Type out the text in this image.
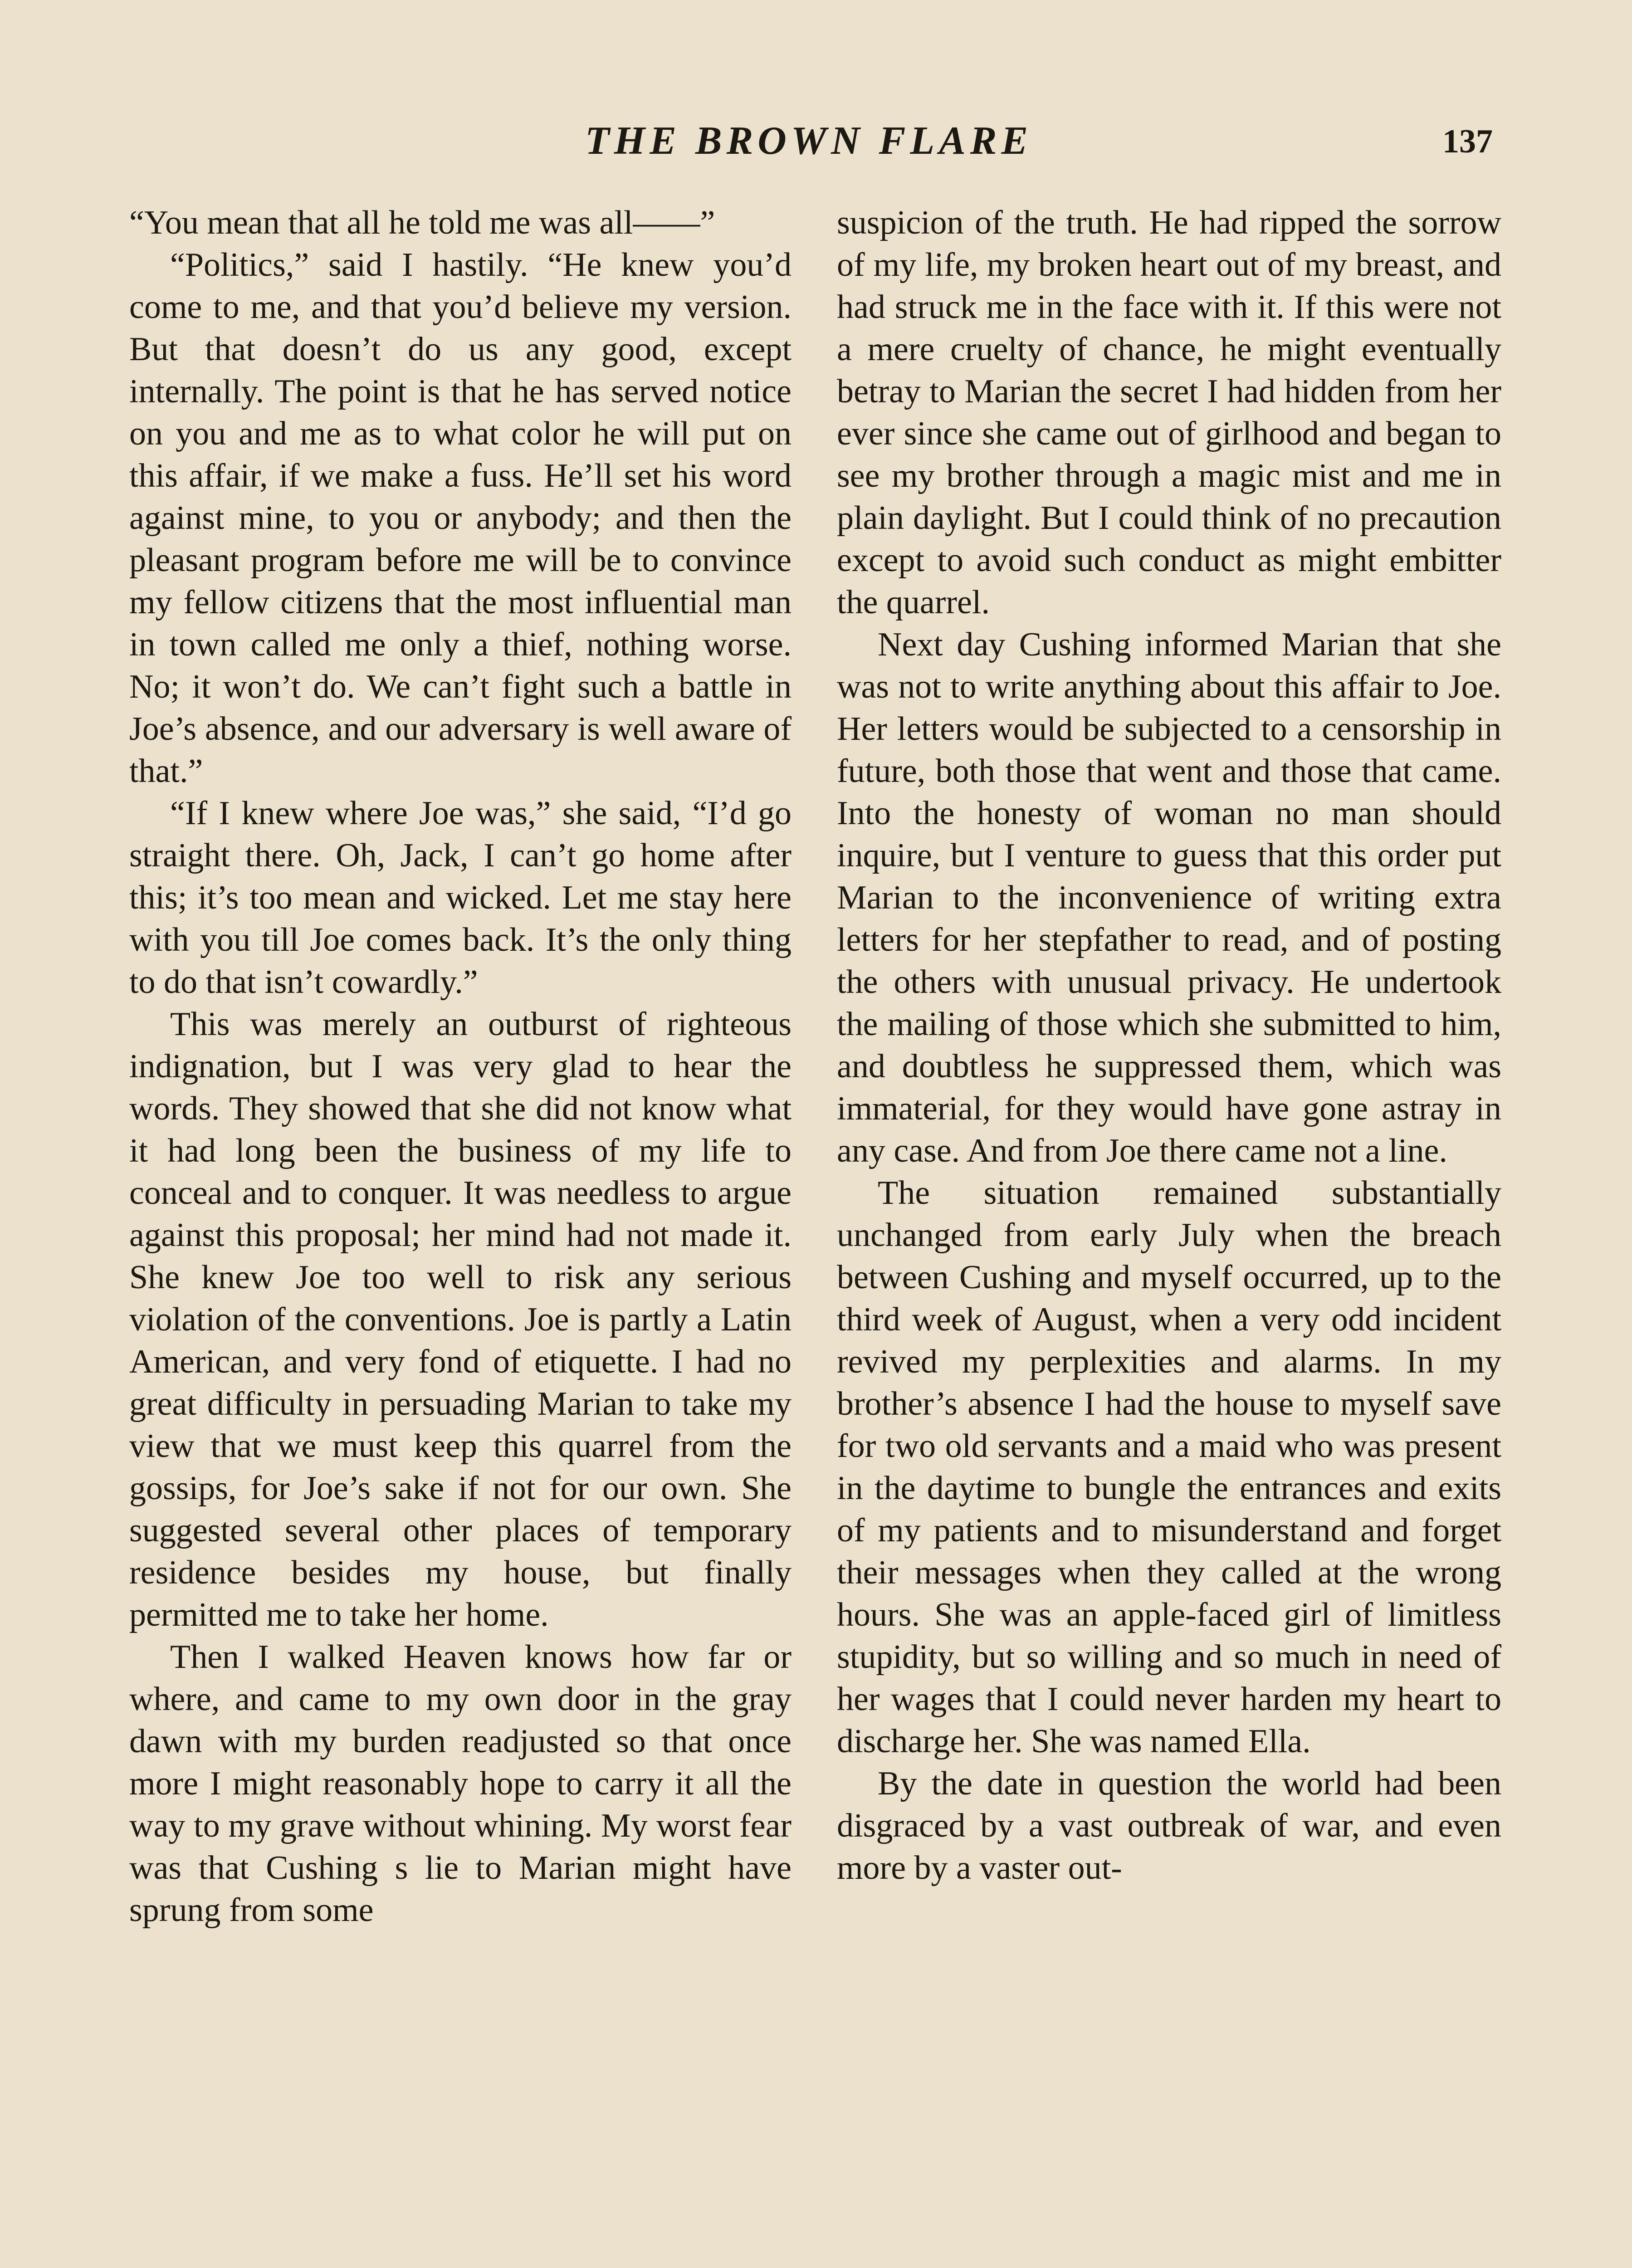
THE BROWN FLARE	137

“You mean that all he told me was all——”

“Politics,” said I hastily. “He knew you’d come to me, and that you’d believe my version. But that doesn’t do us any good, except internally. The point is that he has served notice on you and me as to what color he will put on this affair, if we make a fuss. He’ll set his word against mine, to you or anybody; and then the pleasant program before me will be to convince my fellow citizens that the most influential man in town called me only a thief, nothing worse. No; it won’t do. We can’t fight such a battle in Joe’s absence, and our adversary is well aware of that.”

“If I knew where Joe was,” she said, “I’d go straight there. Oh, Jack, I can’t go home after this; it’s too mean and wicked. Let me stay here with you till Joe comes back. It’s the only thing to do that isn’t cowardly.”

This was merely an outburst of righteous indignation, but I was very glad to hear the words. They showed that she did not know what it had long been the business of my life to conceal and to conquer. It was needless to argue against this proposal; her mind had not made it. She knew Joe too well to risk any serious violation of the conventions. Joe is partly a Latin American, and very fond of etiquette. I had no great difficulty in persuading Marian to take my view that we must keep this quarrel from the gossips, for Joe’s sake if not for our own. She suggested several other places of temporary residence besides my house, but finally permitted me to take her home.

Then I walked Heaven knows how far or where, and came to my own door in the gray dawn with my burden readjusted so that once more I might reasonably hope to carry it all the way to my grave without whining. My worst fear was that Cushing s lie to Marian might have sprung from some

suspicion of the truth. He had ripped the sorrow of my life, my broken heart out of my breast, and had struck me in the face with it. If this were not a mere cruelty of chance, he might eventually betray to Marian the secret I had hidden from her ever since she came out of girlhood and began to see my brother through a magic mist and me in plain daylight. But I could think of no precaution except to avoid such conduct as might embitter the quarrel.

Next day Cushing informed Marian that she was not to write anything about this affair to Joe. Her letters would be subjected to a censorship in future, both those that went and those that came. Into the honesty of woman no man should inquire, but I venture to guess that this order put Marian to the inconvenience of writing extra letters for her stepfather to read, and of posting the others with unusual privacy. He undertook the mailing of those which she submitted to him, and doubtless he suppressed them, which was immaterial, for they would have gone astray in any case. And from Joe there came not a line.

The situation remained substantially unchanged from early July when the breach between Cushing and myself occurred, up to the third week of August, when a very odd incident revived my perplexities and alarms. In my brother’s absence I had the house to myself save for two old servants and a maid who was present in the daytime to bungle the entrances and exits of my patients and to misunderstand and forget their messages when they called at the wrong hours. She was an apple-faced girl of limitless stupidity, but so willing and so much in need of her wages that I could never harden my heart to discharge her. She was named Ella.

By the date in question the world had been disgraced by a vast outbreak of war, and even more by a vaster out-
